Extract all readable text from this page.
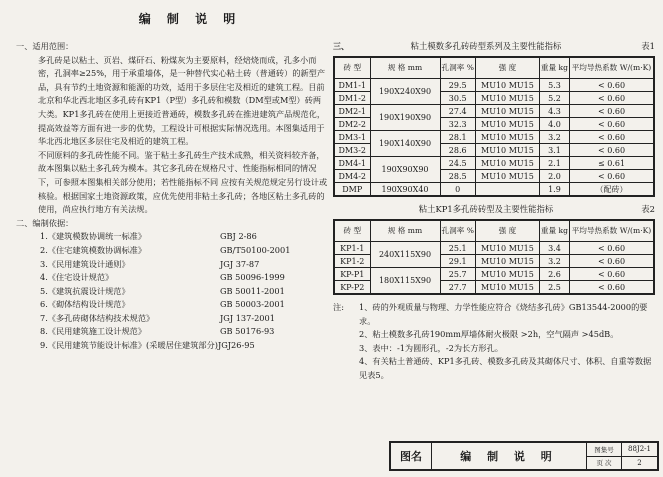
编 制 说 明

一、适用范围：

多孔砖是以粘土、页岩、煤矸石、粉煤灰为主要原料，经焙烧而成，孔多小而密，孔洞率≥25%，用于承重墙体，是一种替代实心粘土砖（普通砖）的新型产品，具有节约土地资源和能源的功效，适用于多层住宅及相近的建筑工程。目前北京和华北西北地区多孔砖有KP1（P型）多孔砖和模数（DM型或M型）砖两大类。KP1多孔砖在使用上更接近普通砖，模数多孔砖在推进建筑产品规范化，提高效益等方面有进一步的优势，工程设计可根据实际情况选用。本图集适用于华北西北地区多层住宅及相近的建筑工程。

不同原料的多孔砖性能不同。鉴于粘土多孔砖生产技术成熟，相关资料较齐备，故本图集以粘土多孔砖为模本。其它多孔砖在规格尺寸、性能指标相同的情况下，可参照本图集相关部分使用；若性能指标不同 应按有关规范规定另行设计或核验。根据国家土地资源政策，应优先使用非粘土多孔砖；各地区粘土多孔砖的使用，尚应执行地方有关法规。

二、编制依据：

1.《建筑模数协调统一标准》	GBJ 2-86
2.《住宅建筑模数协调标准》	GB/T50100-2001
3.《民用建筑设计通则》	JGJ 37-87
4.《住宅设计规范》	GB 50096-1999
5.《建筑抗震设计规范》	GB 50011-2001
6.《砌体结构设计规范》	GB 50003-2001
7.《多孔砖砌体结构技术规范》	JGJ 137-2001
8.《民用建筑施工设计规范》	GB 50176-93
9.《民用建筑节能设计标准》(采暖居住建筑部分)JGJ26-95
三、	粘土模数多孔砖砖型系列及主要性能指标	表1
砖 型	规 格 mm	孔洞率 %	强 度	重量 kg	平均导热系数 W/(m·K)
DM1-1	190X240X90	29.5	MU10 MU15	5.3	< 0.60
DM1-2		30.5	MU10 MU15	5.2	< 0.60
DM2-1	190X190X90	27.4	MU10 MU15	4.3	< 0.60
DM2-2		32.3	MU10 MU15	4.0	< 0.60
DM3-1	190X140X90	28.1	MU10 MU15	3.2	< 0.60
DM3-2		28.6	MU10 MU15	3.1	< 0.60
DM4-1	190X90X90	24.5	MU10 MU15	2.1	≤ 0.61
DM4-2		28.5	MU10 MU15	2.0	< 0.60
DMP	190X90X40	0		1.9	（配砖）
粘土KP1多孔砖砖型及主要性能指标	表2
砖 型	规 格 mm	孔洞率 %	强 度	重量 kg	平均导热系数 W/(m·K)
KP1-1	240X115X90	25.1	MU10 MU15	3.4	< 0.60
KP1-2		29.1	MU10 MU15	3.2	< 0.60
KP-P1	180X115X90	25.7	MU10 MU15	2.6	< 0.60
KP-P2		27.7	MU10 MU15	2.5	< 0.60
注:	1、砖的外观质量与物理、力学性能应符合《烧结多孔砖》GB13544-2000的要求。
2、粘土模数多孔砖190mm厚墙体耐火极限 >2h，空气隔声 >45dB。
3、表中：-1为圆形孔，-2为长方形孔。
4、有关粘土普通砖、KP1多孔砖、模数多孔砖及其砌体尺寸、体积、自重等数据见表5。
图名	编 制 说 明
图集号	88J2-1
页 次	2
